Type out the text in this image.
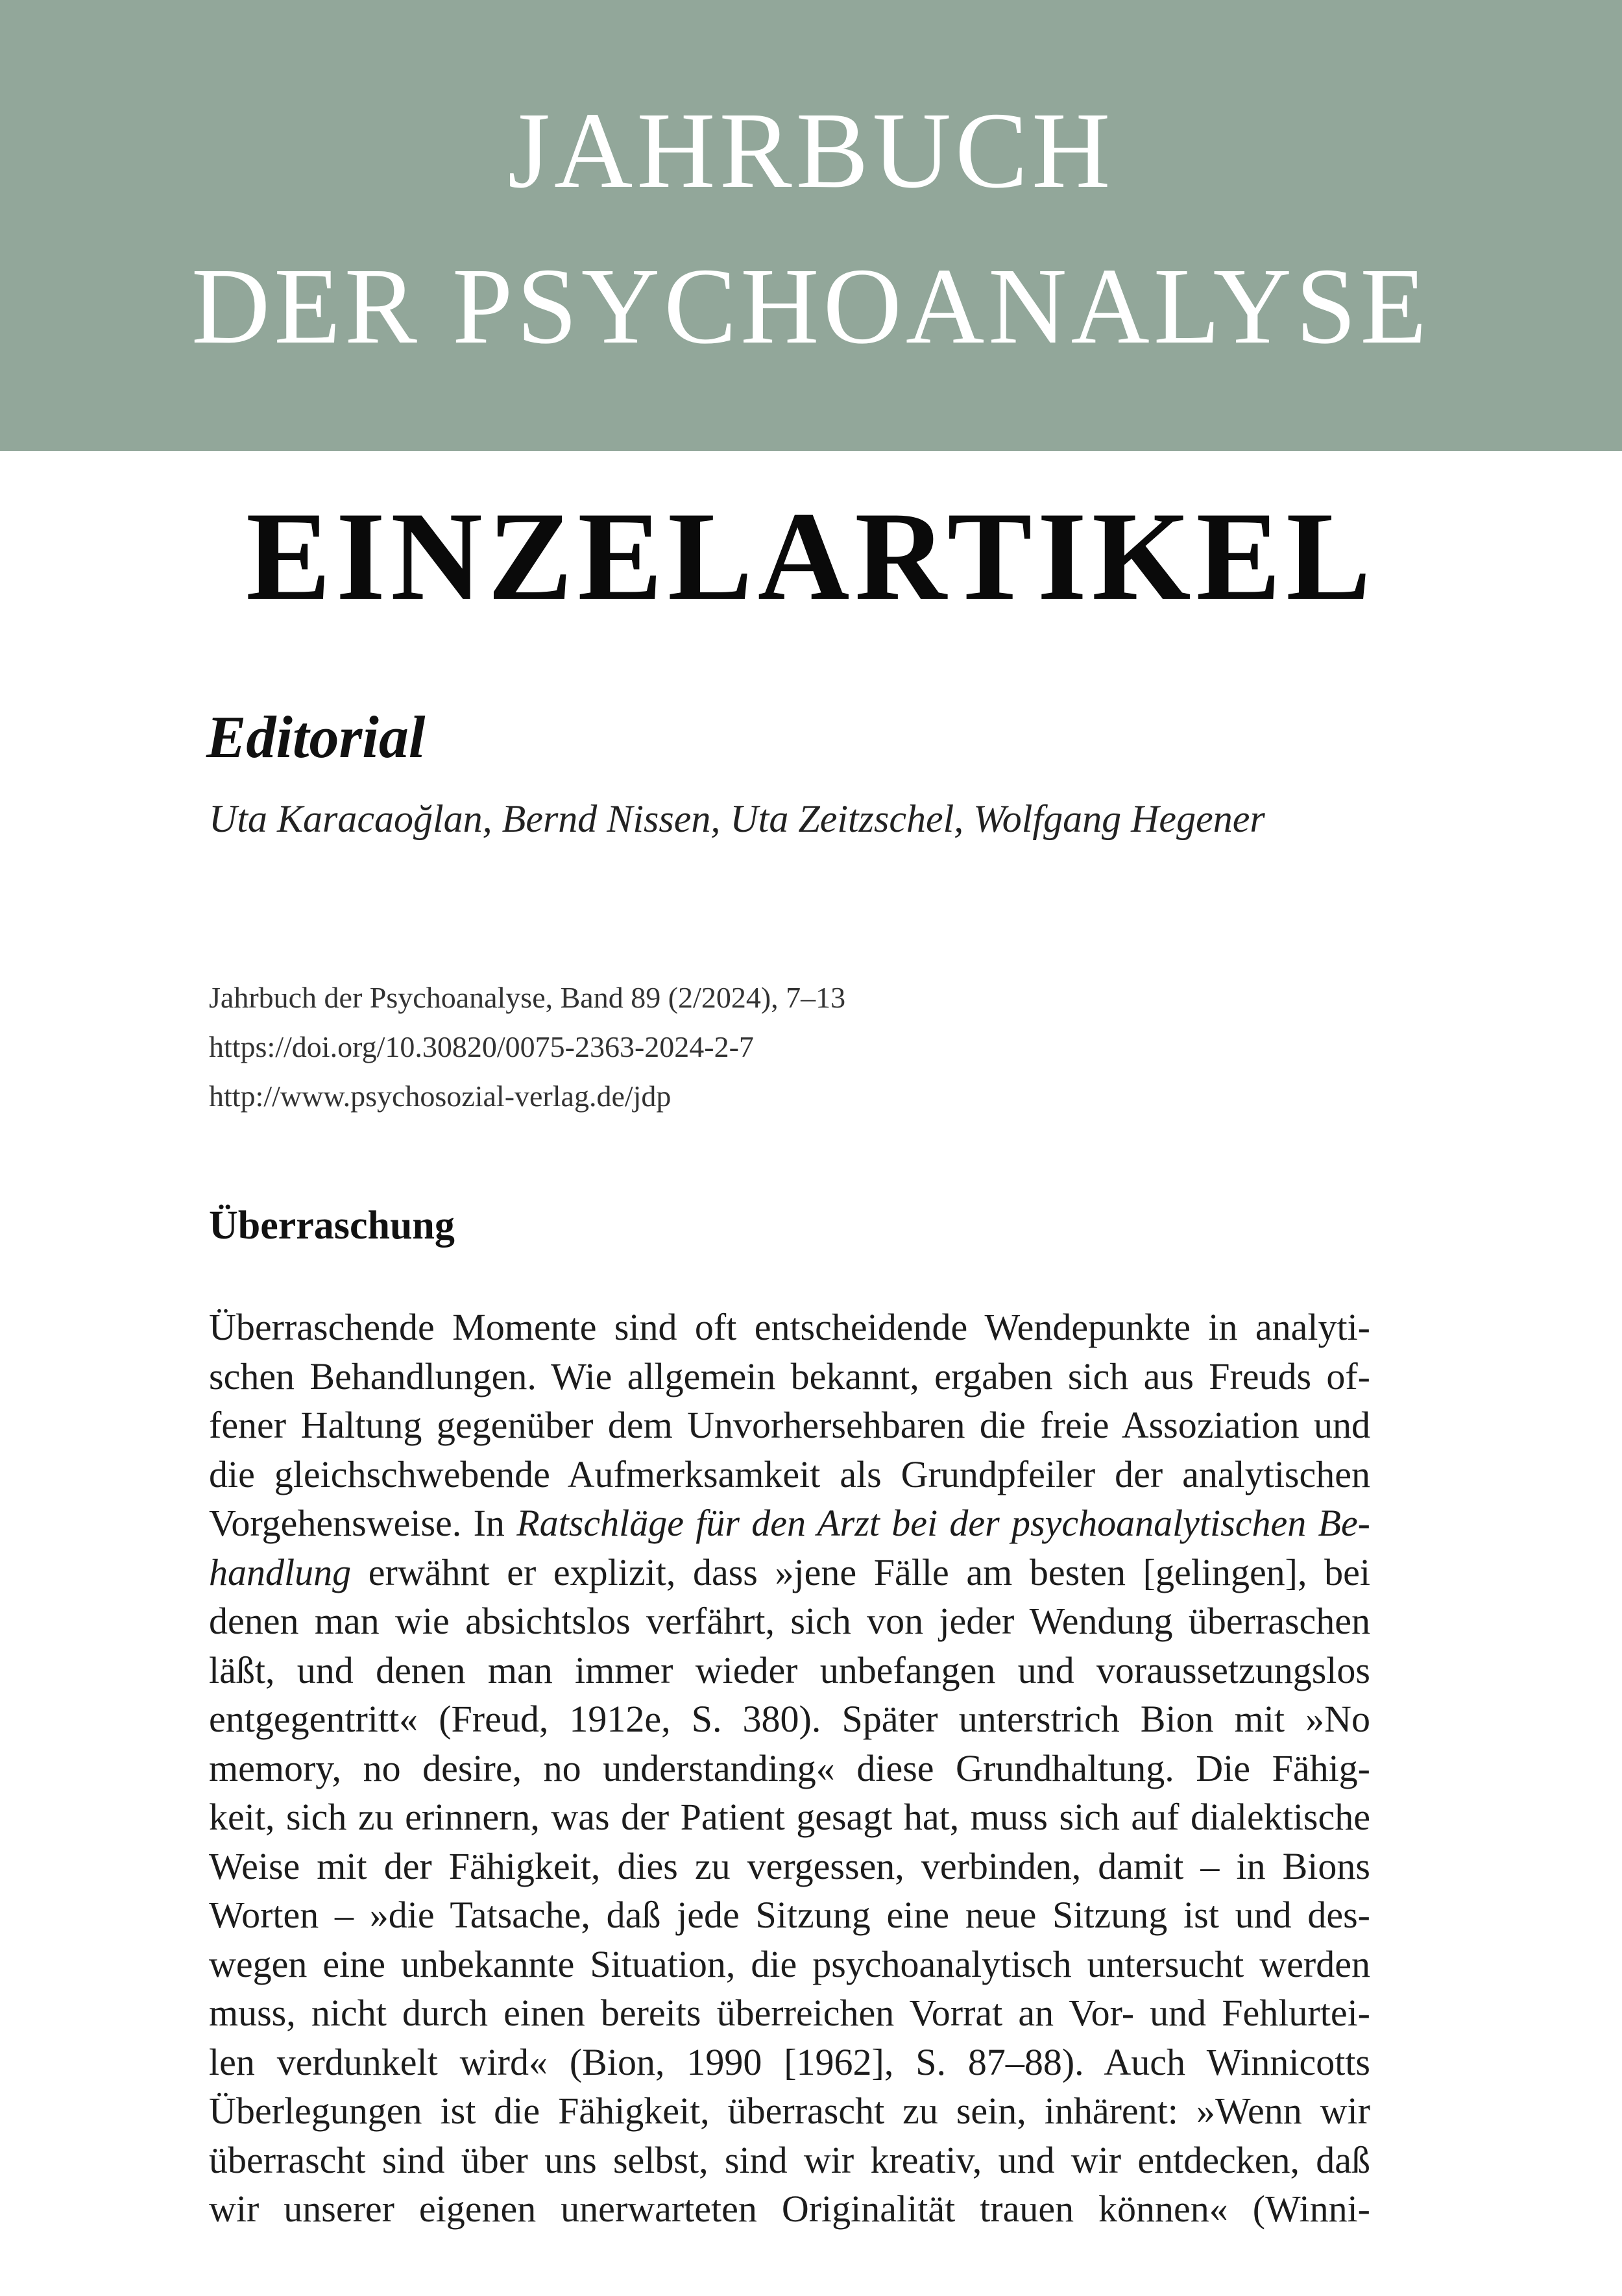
JAHRBUCH
DER PSYCHOANALYSE
EINZELARTIKEL
Editorial
Uta Karacaoğlan, Bernd Nissen, Uta Zeitzschel, Wolfgang Hegener
Jahrbuch der Psychoanalyse, Band 89 (2/2024), 7–13
https://doi.org/10.30820/0075-2363-2024-2-7
http://www.psychosozial-verlag.de/jdp
Überraschung
Überraschende Momente sind oft entscheidende Wendepunkte in analyti-
schen Behandlungen. Wie allgemein bekannt, ergaben sich aus Freuds of-
fener Haltung gegenüber dem Unvorhersehbaren die freie Assoziation und
die gleichschwebende Aufmerksamkeit als Grundpfeiler der analytischen
Vorgehensweise. In Ratschläge für den Arzt bei der psychoanalytischen Be-
handlung erwähnt er explizit, dass »jene Fälle am besten [gelingen], bei
denen man wie absichtslos verfährt, sich von jeder Wendung überraschen
läßt, und denen man immer wieder unbefangen und voraussetzungslos
entgegentritt« (Freud, 1912e, S. 380). Später unterstrich Bion mit »No
memory, no desire, no understanding« diese Grundhaltung. Die Fähig-
keit, sich zu erinnern, was der Patient gesagt hat, muss sich auf dialektische
Weise mit der Fähigkeit, dies zu vergessen, verbinden, damit – in Bions
Worten – »die Tatsache, daß jede Sitzung eine neue Sitzung ist und des-
wegen eine unbekannte Situation, die psychoanalytisch untersucht werden
muss, nicht durch einen bereits überreichen Vorrat an Vor- und Fehlurtei-
len verdunkelt wird« (Bion, 1990 [1962], S. 87–88). Auch Winnicotts
Überlegungen ist die Fähigkeit, überrascht zu sein, inhärent: »Wenn wir
überrascht sind über uns selbst, sind wir kreativ, und wir entdecken, daß
wir unserer eigenen unerwarteten Originalität trauen können« (Winni-
